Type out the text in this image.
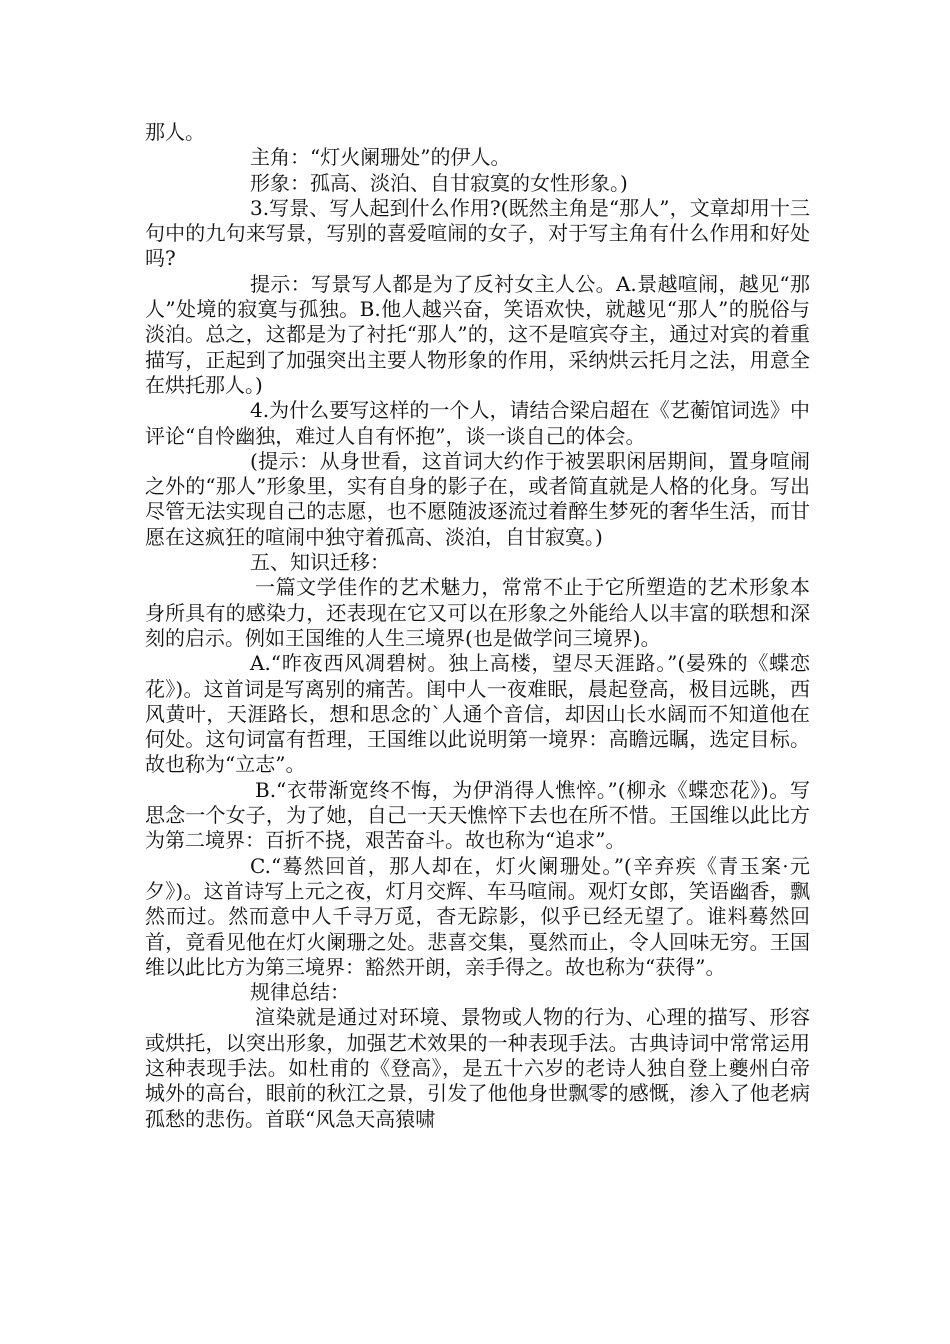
那人。

主角：“灯火阑珊处”的伊人。

形象：孤高、淡泊、自甘寂寞的女性形象。)

3.写景、写人起到什么作用?(既然主角是“那人”，文章却用十三句中的九句来写景，写别的喜爱喧闹的女子，对于写主角有什么作用和好处吗?

提示：写景写人都是为了反衬女主人公。A.景越喧闹，越见“那人”处境的寂寞与孤独。B.他人越兴奋，笑语欢快，就越见“那人”的脱俗与淡泊。总之，这都是为了衬托“那人”的，这不是喧宾夺主，通过对宾的着重描写，正起到了加强突出主要人物形象的作用，采纳烘云托月之法，用意全在烘托那人。)

4.为什么要写这样的一个人，请结合梁启超在《艺蘅馆词选》中评论“自怜幽独，难过人自有怀抱”，谈一谈自己的体会。

(提示：从身世看，这首词大约作于被罢职闲居期间，置身喧闹之外的“那人”形象里，实有自身的影子在，或者简直就是人格的化身。写出尽管无法实现自己的志愿，也不愿随波逐流过着醉生梦死的奢华生活，而甘愿在这疯狂的喧闹中独守着孤高、淡泊，自甘寂寞。)

五、知识迁移：

一篇文学佳作的艺术魅力，常常不止于它所塑造的艺术形象本身所具有的感染力，还表现在它又可以在形象之外能给人以丰富的联想和深刻的启示。例如王国维的人生三境界(也是做学问三境界)。

A.“昨夜西风凋碧树。独上高楼，望尽天涯路。”(晏殊的《蝶恋花》)。这首词是写离别的痛苦。闺中人一夜难眠，晨起登高，极目远眺，西风黄叶，天涯路长，想和思念的`人通个音信，却因山长水阔而不知道他在何处。这句词富有哲理，王国维以此说明第一境界：高瞻远瞩，选定目标。故也称为“立志”。

B.“衣带渐宽终不悔，为伊消得人憔悴。”(柳永《蝶恋花》)。写思念一个女子，为了她，自己一天天憔悴下去也在所不惜。王国维以此比方为第二境界：百折不挠，艰苦奋斗。故也称为“追求”。

C.“蓦然回首，那人却在，灯火阑珊处。”(辛弃疾《青玉案·元夕》)。这首诗写上元之夜，灯月交辉、车马喧闹。观灯女郎，笑语幽香，飘然而过。然而意中人千寻万觅，杳无踪影，似乎已经无望了。谁料蓦然回首，竟看见他在灯火阑珊之处。悲喜交集，戛然而止，令人回味无穷。王国维以此比方为第三境界：豁然开朗，亲手得之。故也称为“获得”。

规律总结：

渲染就是通过对环境、景物或人物的行为、心理的描写、形容或烘托，以突出形象，加强艺术效果的一种表现手法。古典诗词中常常运用这种表现手法。如杜甫的《登高》，是五十六岁的老诗人独自登上夔州白帝城外的高台，眼前的秋江之景，引发了他他身世飘零的感慨，渗入了他老病孤愁的悲伤。首联“风急天高猿啸
